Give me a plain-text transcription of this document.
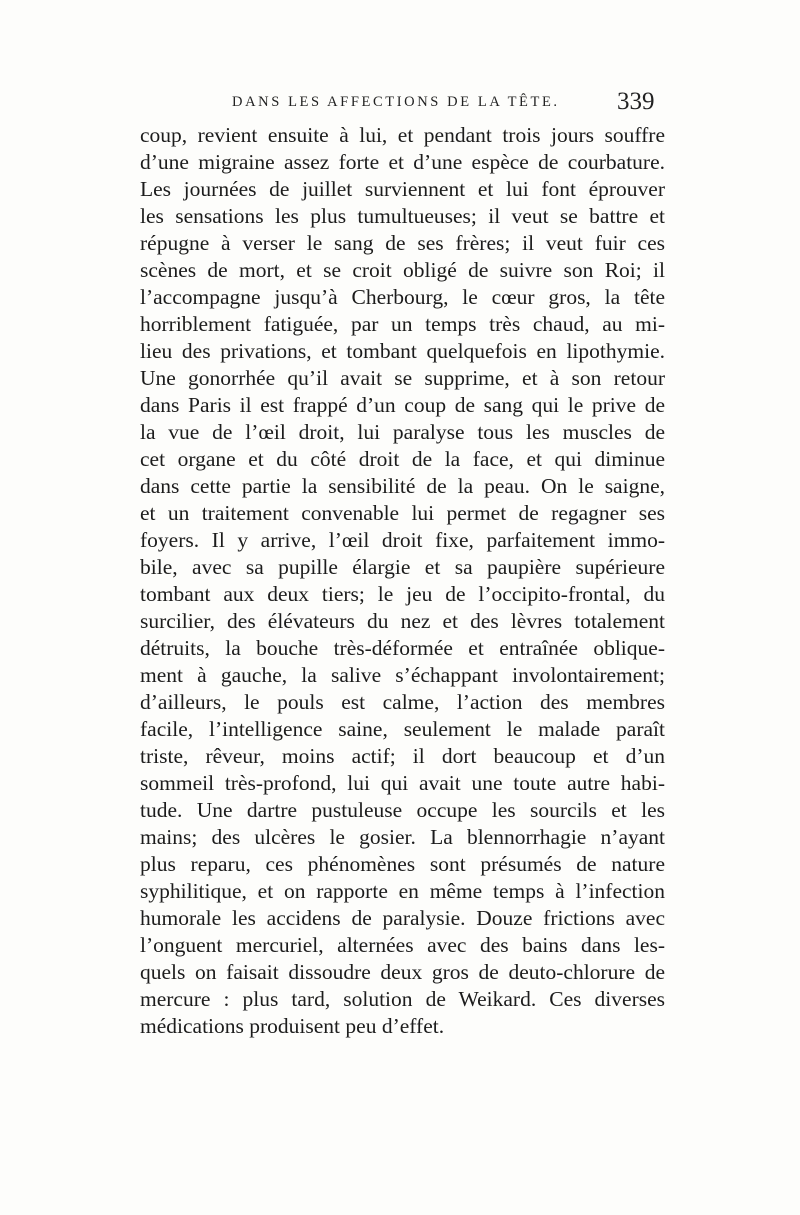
DANS LES AFFECTIONS DE LA TÊTE. 339
coup, revient ensuite à lui, et pendant trois jours souffre
d’une migraine assez forte et d’une espèce de courbature.
Les journées de juillet surviennent et lui font éprouver
les sensations les plus tumultueuses; il veut se battre et
répugne à verser le sang de ses frères; il veut fuir ces
scènes de mort, et se croit obligé de suivre son Roi; il
l’accompagne jusqu’à Cherbourg, le cœur gros, la tête
horriblement fatiguée, par un temps très chaud, au mi-
lieu des privations, et tombant quelquefois en lipothymie.
Une gonorrhée qu’il avait se supprime, et à son retour
dans Paris il est frappé d’un coup de sang qui le prive de
la vue de l’œil droit, lui paralyse tous les muscles de
cet organe et du côté droit de la face, et qui diminue
dans cette partie la sensibilité de la peau. On le saigne,
et un traitement convenable lui permet de regagner ses
foyers. Il y arrive, l’œil droit fixe, parfaitement immo-
bile, avec sa pupille élargie et sa paupière supérieure
tombant aux deux tiers; le jeu de l’occipito-frontal, du
surcilier, des élévateurs du nez et des lèvres totalement
détruits, la bouche très-déformée et entraînée oblique-
ment à gauche, la salive s’échappant involontairement;
d’ailleurs, le pouls est calme, l’action des membres
facile, l’intelligence saine, seulement le malade paraît
triste, rêveur, moins actif; il dort beaucoup et d’un
sommeil très-profond, lui qui avait une toute autre habi-
tude. Une dartre pustuleuse occupe les sourcils et les
mains; des ulcères le gosier. La blennorrhagie n’ayant
plus reparu, ces phénomènes sont présumés de nature
syphilitique, et on rapporte en même temps à l’infection
humorale les accidens de paralysie. Douze frictions avec
l’onguent mercuriel, alternées avec des bains dans les-
quels on faisait dissoudre deux gros de deuto-chlorure de
mercure : plus tard, solution de Weikard. Ces diverses
médications produisent peu d’effet.
